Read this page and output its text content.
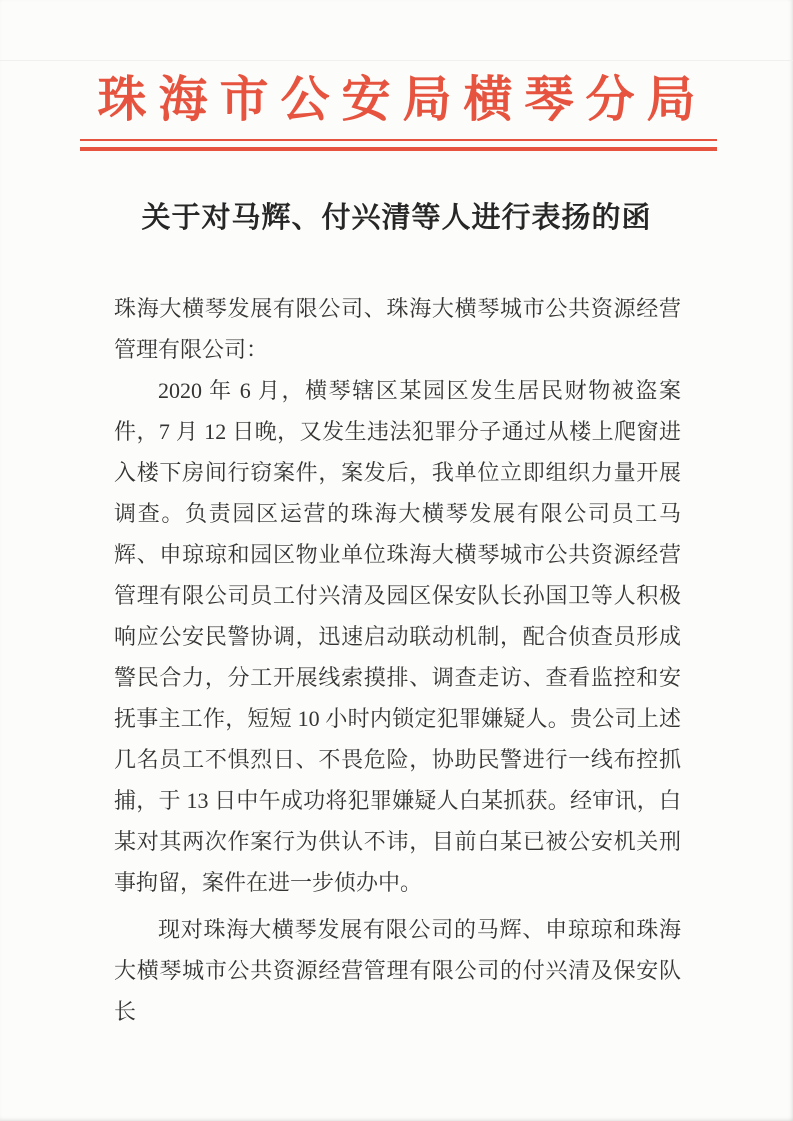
珠海市公安局横琴分局
关于对马辉、付兴清等人进行表扬的函

珠海大横琴发展有限公司、珠海大横琴城市公共资源经营管理有限公司：

2020 年 6 月，横琴辖区某园区发生居民财物被盗案件，7 月 12 日晚，又发生违法犯罪分子通过从楼上爬窗进入楼下房间行窃案件，案发后，我单位立即组织力量开展调查。负责园区运营的珠海大横琴发展有限公司员工马辉、申琼琼和园区物业单位珠海大横琴城市公共资源经营管理有限公司员工付兴清及园区保安队长孙国卫等人积极响应公安民警协调，迅速启动联动机制，配合侦查员形成警民合力，分工开展线索摸排、调查走访、查看监控和安抚事主工作，短短 10 小时内锁定犯罪嫌疑人。贵公司上述几名员工不惧烈日、不畏危险，协助民警进行一线布控抓捕，于 13 日中午成功将犯罪嫌疑人白某抓获。经审讯，白某对其两次作案行为供认不讳，目前白某已被公安机关刑事拘留，案件在进一步侦办中。

现对珠海大横琴发展有限公司的马辉、申琼琼和珠海大横琴城市公共资源经营管理有限公司的付兴清及保安队长
